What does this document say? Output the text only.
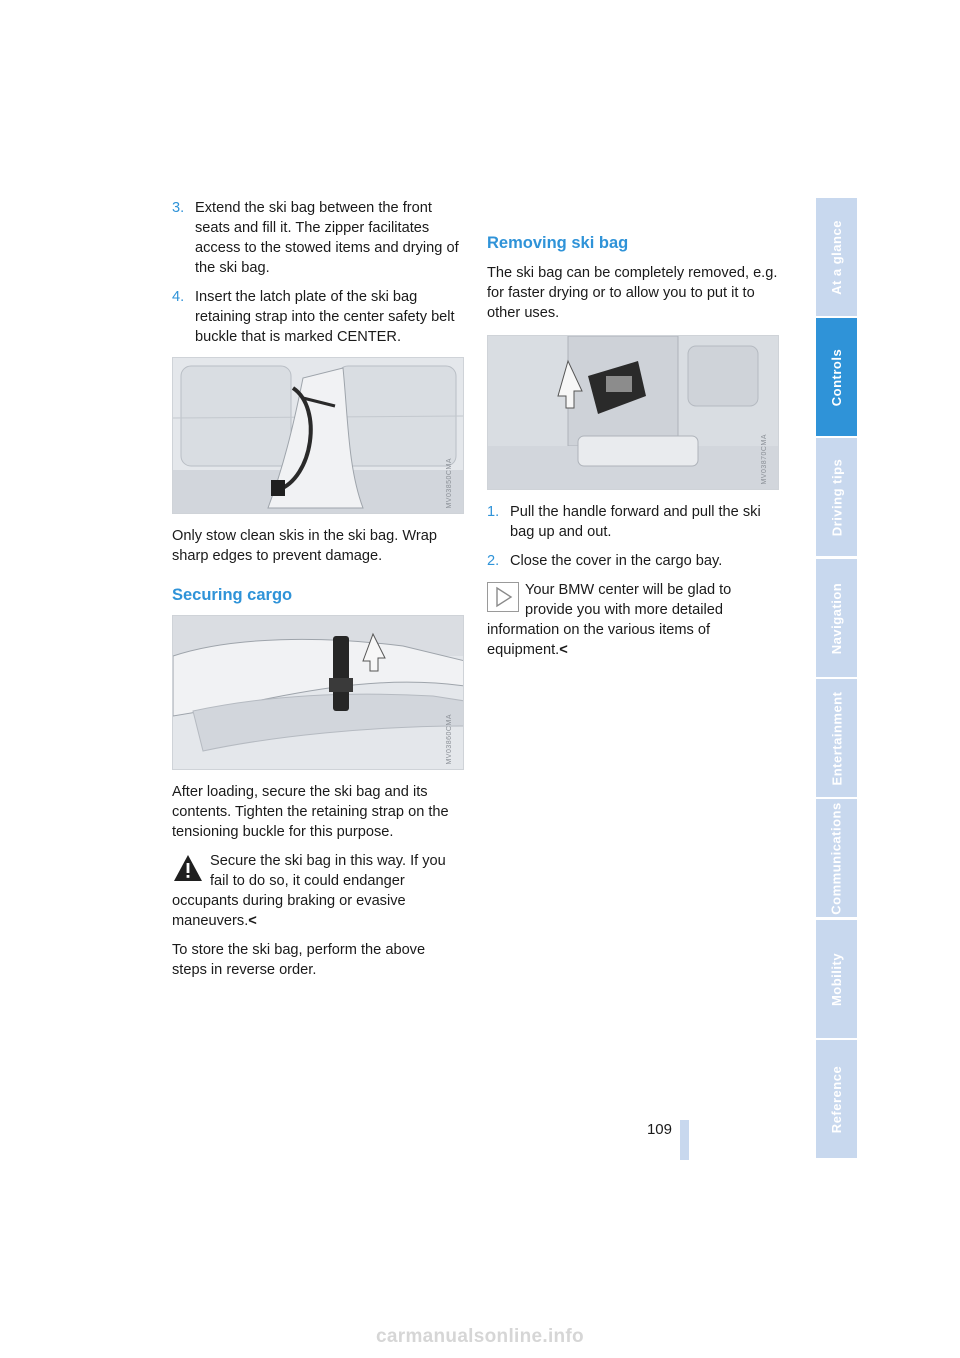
3. Extend the ski bag between the front seats and fill it. The zipper facilitates access to the stowed items and drying of the ski bag.
4. Insert the latch plate of the ski bag retaining strap into the center safety belt buckle that is marked CENTER.
MV03850CMA

Only stow clean skis in the ski bag. Wrap sharp edges to prevent damage.

Securing cargo
MV03860CMA

After loading, secure the ski bag and its contents. Tighten the retaining strap on the tensioning buckle for this purpose.

Secure the ski bag in this way. If you fail to do so, it could endanger occupants during braking or evasive maneuvers.<

To store the ski bag, perform the above steps in reverse order.

Removing ski bag

The ski bag can be completely removed, e.g. for faster drying or to allow you to put it to other uses.

MV03870CMA
1. Pull the handle forward and pull the ski bag up and out.
2. Close the cover in the cargo bay.
Your BMW center will be glad to provide you with more detailed information on the various items of equipment.<
At a glance
Controls
Driving tips
Navigation
Entertainment
Communications
Mobility
Reference
109
carmanualsonline.info
